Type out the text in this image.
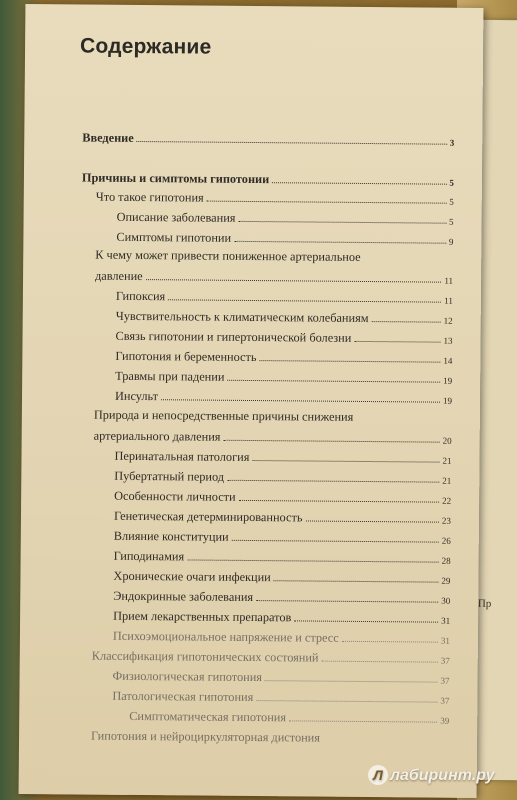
Пр
Содержание
Введение	3
Причины и симптомы гипотонии	5
Что такое гипотония	5
Описание заболевания	5
Симптомы гипотонии	9
К чему может привести пониженное артериальное
давление	11
Гипоксия	11
Чувствительность к климатическим колебаниям	12
Связь гипотонии и гипертонической болезни	13
Гипотония и беременность	14
Травмы при падении	19
Инсульт	19
Природа и непосредственные причины снижения
артериального давления	20
Перинатальная патология	21
Пубертатный период	21
Особенности личности	22
Генетическая детерминированность	23
Влияние конституции	26
Гиподинамия	28
Хронические очаги инфекции	29
Эндокринные заболевания	30
Прием лекарственных препаратов	31
Психоэмоциональное напряжение и стресс	31
Классификация гипотонических состояний	37
Физиологическая гипотония	37
Патологическая гипотония	37
Симптоматическая гипотония	39
Гипотония и нейроциркуляторная дистония
Л лабиринт.ру
